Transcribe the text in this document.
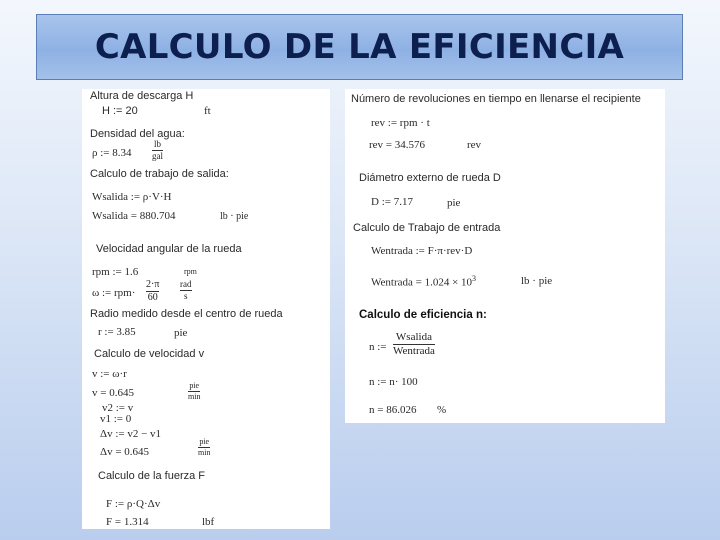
CALCULO DE LA EFICIENCIA
Altura de descarga H
H := 20	ft
Densidad del agua:
ρ := 8.34
lb
gal
Calculo de trabajo de salida:
Wsalida := ρ·V·H
Wsalida = 880.704	lb · pie
Velocidad angular de la rueda
rpm := 1.6	rpm
ω := rpm·
2·π
60
rad
s
Radio medido desde el centro de rueda
r := 3.85	pie
Calculo de velocidad v
v := ω·r
v = 0.645
pie
min
v2 := v
v1 := 0
Δv := v2 − v1
Δv = 0.645
pie
min
Calculo de la fuerza F
F := ρ·Q·Δv
F = 1.314	lbf
Número de revoluciones en tiempo en llenarse el recipiente
rev := rpm · t
rev = 34.576	rev
Diámetro externo de rueda D
D := 7.17	pie
Calculo de Trabajo de entrada
Wentrada := F·π·rev·D
Wentrada = $1.024 \times 10^3$	lb · pie
Calculo de eficiencia n:
n :=
Wsalida
Wentrada
n := n· 100
n = 86.026 %
